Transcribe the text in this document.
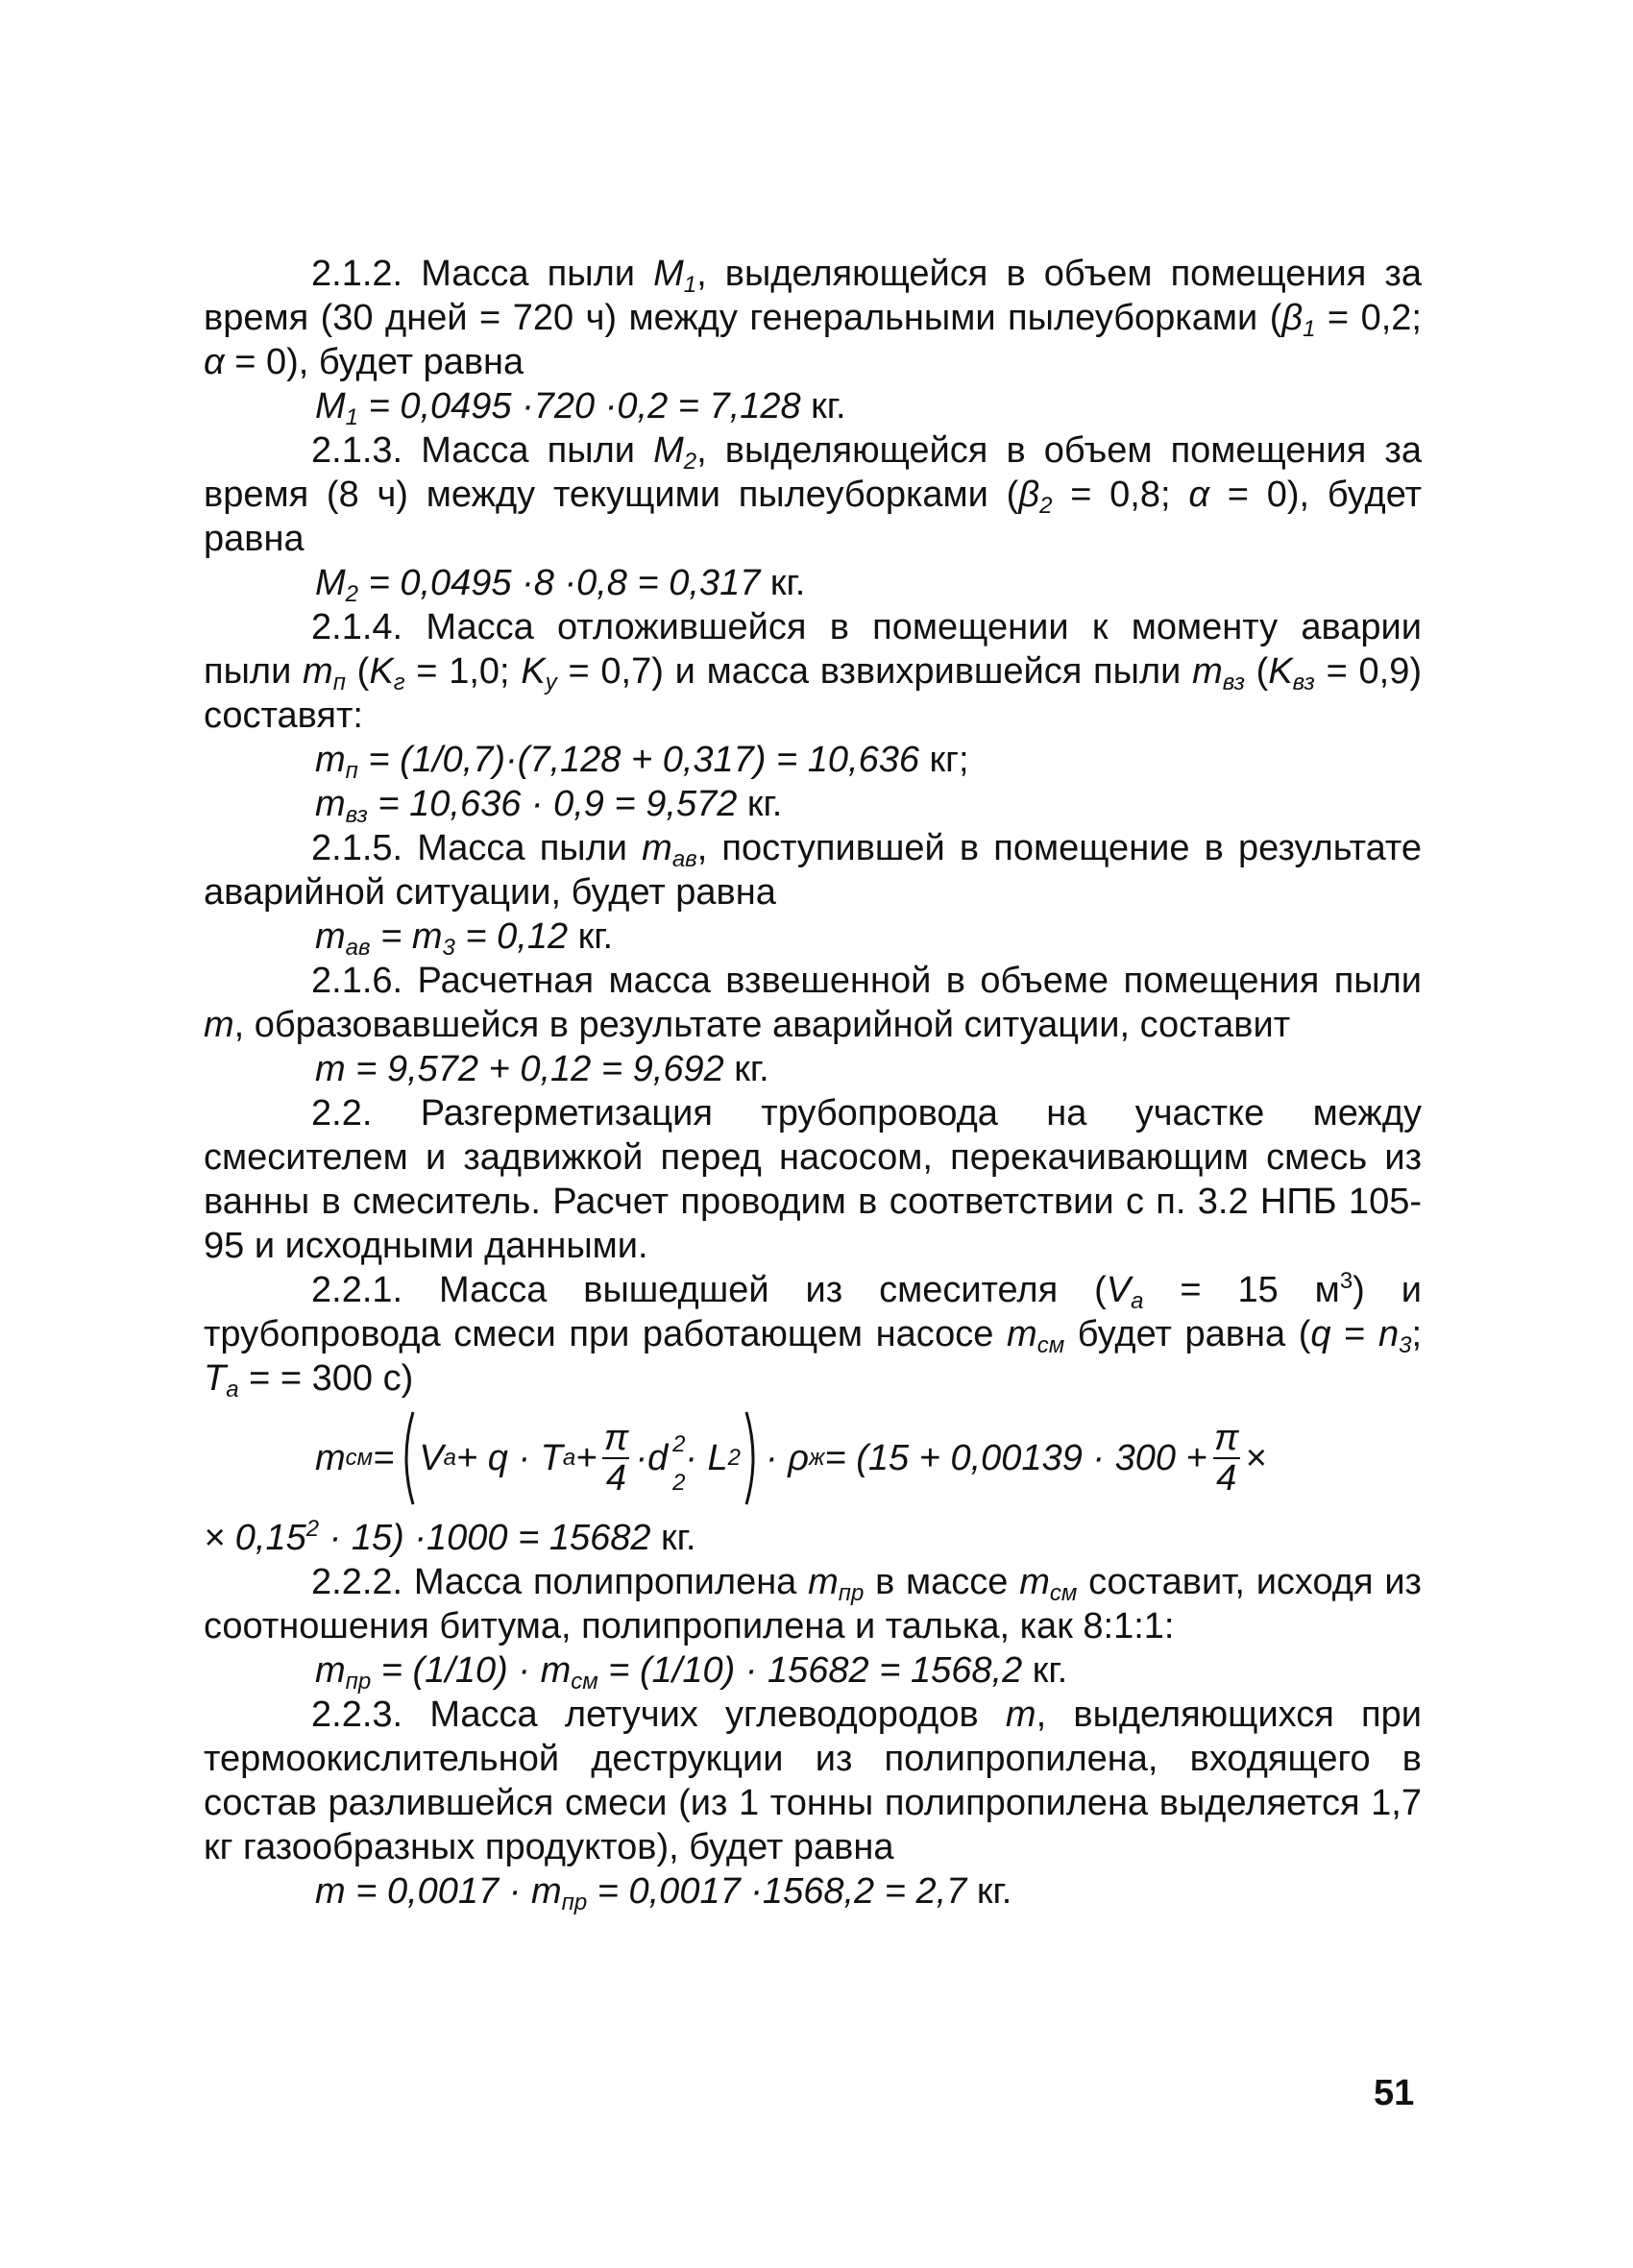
2.1.2. Масса пыли $M_1$, выделяющейся в объем помещения за время (30 дней = 720 ч) между генеральными пылеуборками ($\beta_1 = 0,2$; α = 0), будет равна

$M_1 = 0,0495 \cdot 720 \cdot 0,2 = 7,128$ кг.

2.1.3. Масса пыли $M_2$, выделяющейся в объем помещения за время (8 ч) между текущими пылеуборками ($\beta_2 = 0,8$; α = 0), будет равна

$M_2 = 0,0495 \cdot 8 \cdot 0,8 = 0,317$ кг.

2.1.4. Масса отложившейся в помещении к моменту аварии пыли $m_п$ ($K_г = 1,0$; $K_у = 0,7$) и масса взвихрившейся пыли $m_{вз}$ $(K_{вз} = 0,9)$ составят:

$m_п = (1/0,7)\cdot(7,128 + 0,317) = 10,636$ кг;

$m_{вз} = 10,636 \cdot 0,9 = 9,572$ кг.

2.1.5. Масса пыли $m_{ав}$, поступившей в помещение в результате аварийной ситуации, будет равна

$m_{ав} = m_3 = 0,12$ кг.

2.1.6. Расчетная масса взвешенной в объеме помещения пыли m, образовавшейся в результате аварийной ситуации, составит

m = 9,572 + 0,12 = 9,692 кг.

2.2. Разгерметизация трубопровода на участке между смесителем и задвижкой перед насосом, перекачивающим смесь из ванны в смеситель. Расчет проводим в соответствии с п. 3.2 НПБ 105-95 и исходными данными.

2.2.1. Масса вышедшей из смесителя ($V_a = 15$ $м^3$) и трубопровода смеси при работающем насосе $m_{см}$ будет равна ($q = n_3$; $T_a$ = = 300 с)

m см = V a + q · T $a + \frac{\pi}{4} \cdot d$ 2
2
· L 2 · ρ $ж = (15 + 0,00139 \cdot 300 + \frac{\pi}{4}$ ×

× $0,15^2 \cdot 15) \cdot 1000 = 15682$ кг.

2.2.2. Масса полипропилена $m_{пр}$ в массе $m_{см}$ составит, исходя из соотношения битума, полипропилена и талька, как 8:1:1:

$m_{пр} = (1/10) \cdot m_{см} = (1/10) \cdot 15682 = 1568,2$ кг.

2.2.3. Масса летучих углеводородов m, выделяющихся при термоокислительной деструкции из полипропилена, входящего в состав разлившейся смеси (из 1 тонны полипропилена выделяется 1,7 кг газообразных продуктов), будет равна

$m = 0,0017 \cdot m_{пр} = 0,0017 \cdot 1568,2 = 2,7$ кг.

51
